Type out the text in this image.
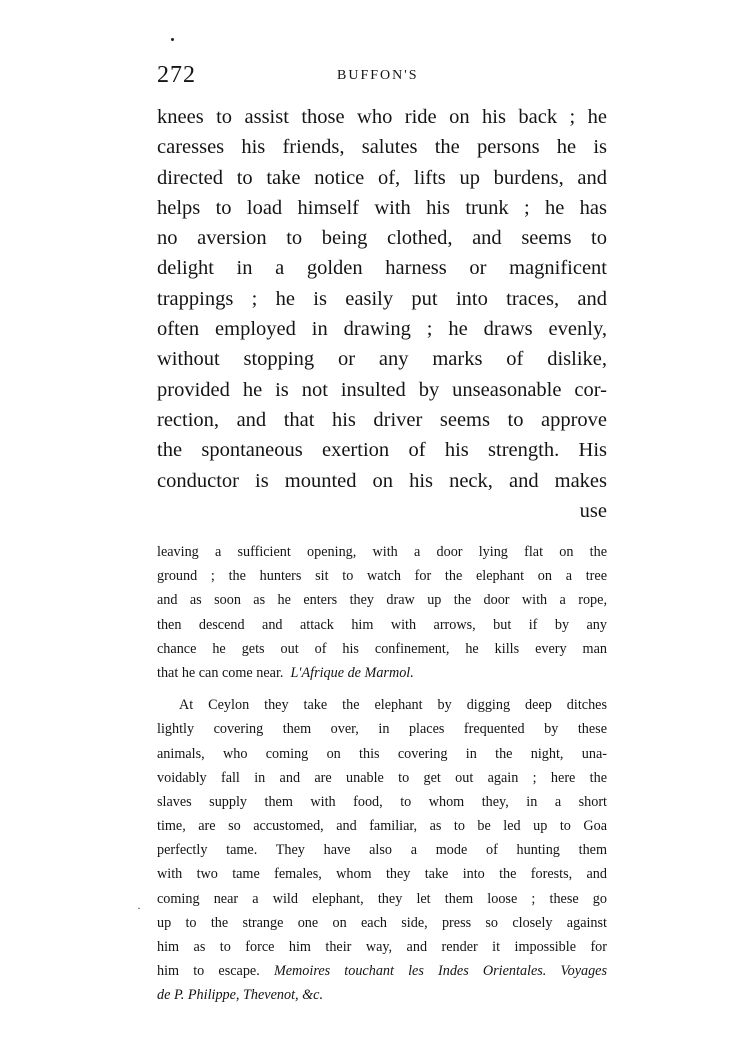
272	BUFFON'S
knees to assist those who ride on his back ; he
caresses his friends, salutes the persons he is
directed to take notice of, lifts up burdens, and
helps to load himself with his trunk ; he has
no aversion to being clothed, and seems to
delight in a golden harness or magnificent
trappings ; he is easily put into traces, and
often employed in drawing ; he draws evenly,
without stopping or any marks of dislike,
provided he is not insulted by unseasonable cor-
rection, and that his driver seems to approve
the spontaneous exertion of his strength. His
conductor is mounted on his neck, and makes
use
leaving a sufficient opening, with a door lying flat on the
ground ; the hunters sit to watch for the elephant on a tree
and as soon as he enters they draw up the door with a rope,
then descend and attack him with arrows, but if by any
chance he gets out of his confinement, he kills every man
that he can come near. L'Afrique de Marmol.
At Ceylon they take the elephant by digging deep ditches
lightly covering them over, in places frequented by these
animals, who coming on this covering in the night, una-
voidably fall in and are unable to get out again ; here the
slaves supply them with food, to whom they, in a short
time, are so accustomed, and familiar, as to be led up to Goa
perfectly tame. They have also a mode of hunting them
with two tame females, whom they take into the forests, and
coming near a wild elephant, they let them loose ; these go
up to the strange one on each side, press so closely against
him as to force him their way, and render it impossible for
him to escape. Memoires touchant les Indes Orientales. Voyages
de P. Philippe, Thevenot, &c.
·
